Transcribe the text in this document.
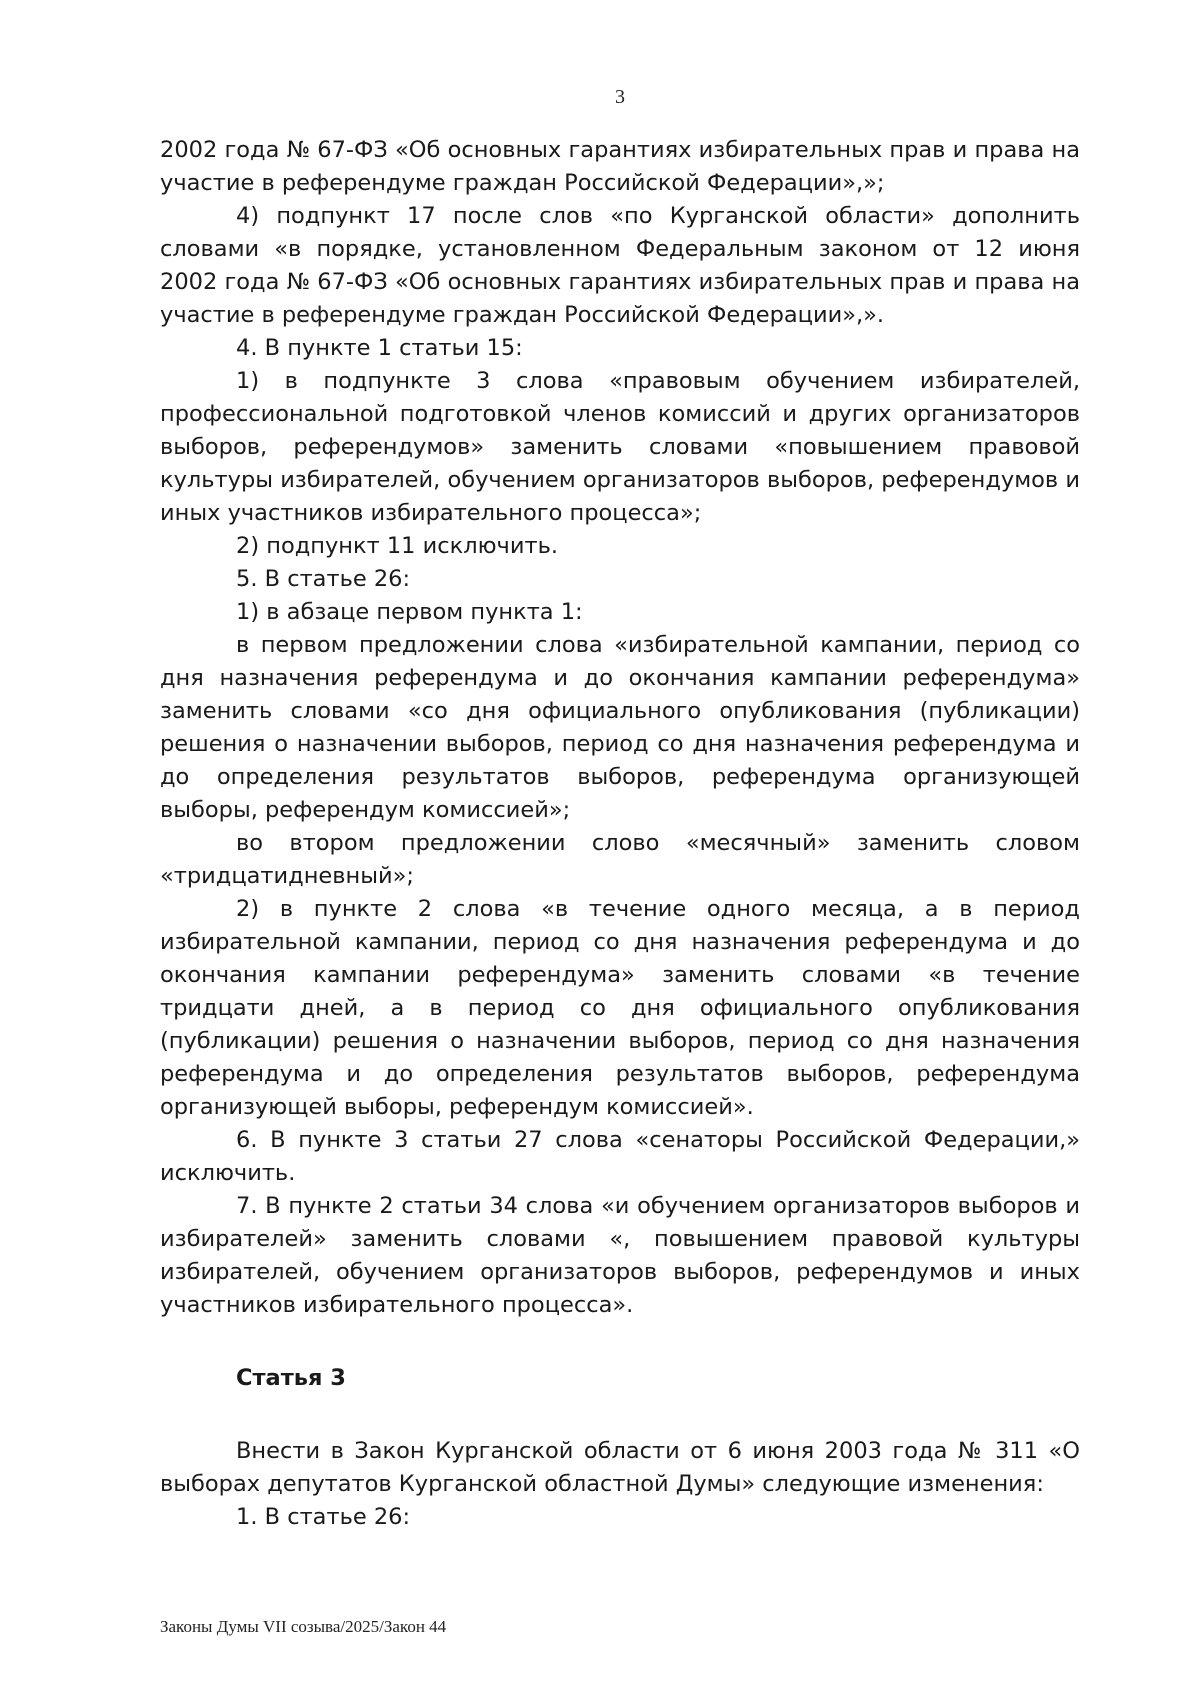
3

2002 года № 67-ФЗ «Об основных гарантиях избирательных прав и права на участие в референдуме граждан Российской Федерации»,»;

4) подпункт 17 после слов «по Курганской области» дополнить словами «в порядке, установленном Федеральным законом от 12 июня 2002 года № 67-ФЗ «Об основных гарантиях избирательных прав и права на участие в референдуме граждан Российской Федерации»,».

4. В пункте 1 статьи 15:

1) в подпункте 3 слова «правовым обучением избирателей, профессиональной подготовкой членов комиссий и других организаторов выборов, референдумов» заменить словами «повышением правовой культуры избирателей, обучением организаторов выборов, референдумов и иных участников избирательного процесса»;

2) подпункт 11 исключить.

5. В статье 26:

1) в абзаце первом пункта 1:

в первом предложении слова «избирательной кампании, период со дня назначения референдума и до окончания кампании референдума» заменить словами «со дня официального опубликования (публикации) решения о назначении выборов, период со дня назначения референдума и до определения результатов выборов, референдума организующей выборы, референдум комиссией»;

во втором предложении слово «месячный» заменить словом «тридцатидневный»;

2) в пункте 2 слова «в течение одного месяца, а в период избирательной кампании, период со дня назначения референдума и до окончания кампании референдума» заменить словами «в течение тридцати дней, а в период со дня официального опубликования (публикации) решения о назначении выборов, период со дня назначения референдума и до определения результатов выборов, референдума организующей выборы, референдум комиссией».

6. В пункте 3 статьи 27 слова «сенаторы Российской Федерации,» исключить.

7. В пункте 2 статьи 34 слова «и обучением организаторов выборов и избирателей» заменить словами «, повышением правовой культуры избирателей, обучением организаторов выборов, референдумов и иных участников избирательного процесса».

Статья 3

Внести в Закон Курганской области от 6 июня 2003 года № 311 «О выборах депутатов Курганской областной Думы» следующие изменения:

1. В статье 26:

Законы Думы VII созыва/2025/Закон 44
